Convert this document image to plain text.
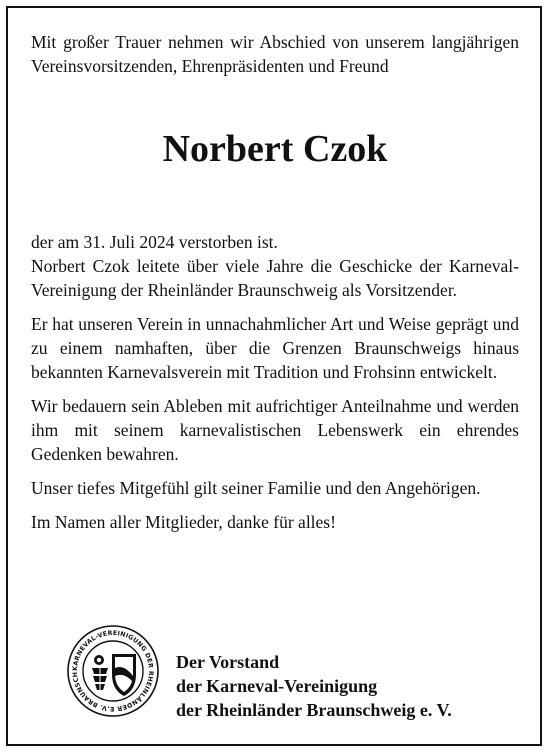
Mit großer Trauer nehmen wir Abschied von unserem langjährigen Vereinsvorsitzenden, Ehrenpräsidenten und Freund
Norbert Czok

der am 31. Juli 2024 verstorben ist.

Norbert Czok leitete über viele Jahre die Geschicke der Karneval-Vereinigung der Rheinländer Braunschweig als Vorsitzender.

Er hat unseren Verein in unnachahmlicher Art und Weise geprägt und zu einem namhaften, über die Grenzen Braunschweigs hinaus bekannten Karnevalsverein mit Tradition und Frohsinn entwickelt.

Wir bedauern sein Ableben mit aufrichtiger Anteilnahme und werden ihm mit seinem karnevalistischen Lebenswerk ein ehrendes Gedenken bewahren.

Unser tiefes Mitgefühl gilt seiner Familie und den Angehörigen.

Im Namen aller Mitglieder, danke für alles!

KARNEVAL-VEREINIGUNG DER RHEINLÄNDER E.V. BRAUNSCH
Der Vorstand
der Karneval-Vereinigung
der Rheinländer Braunschweig e. V.
